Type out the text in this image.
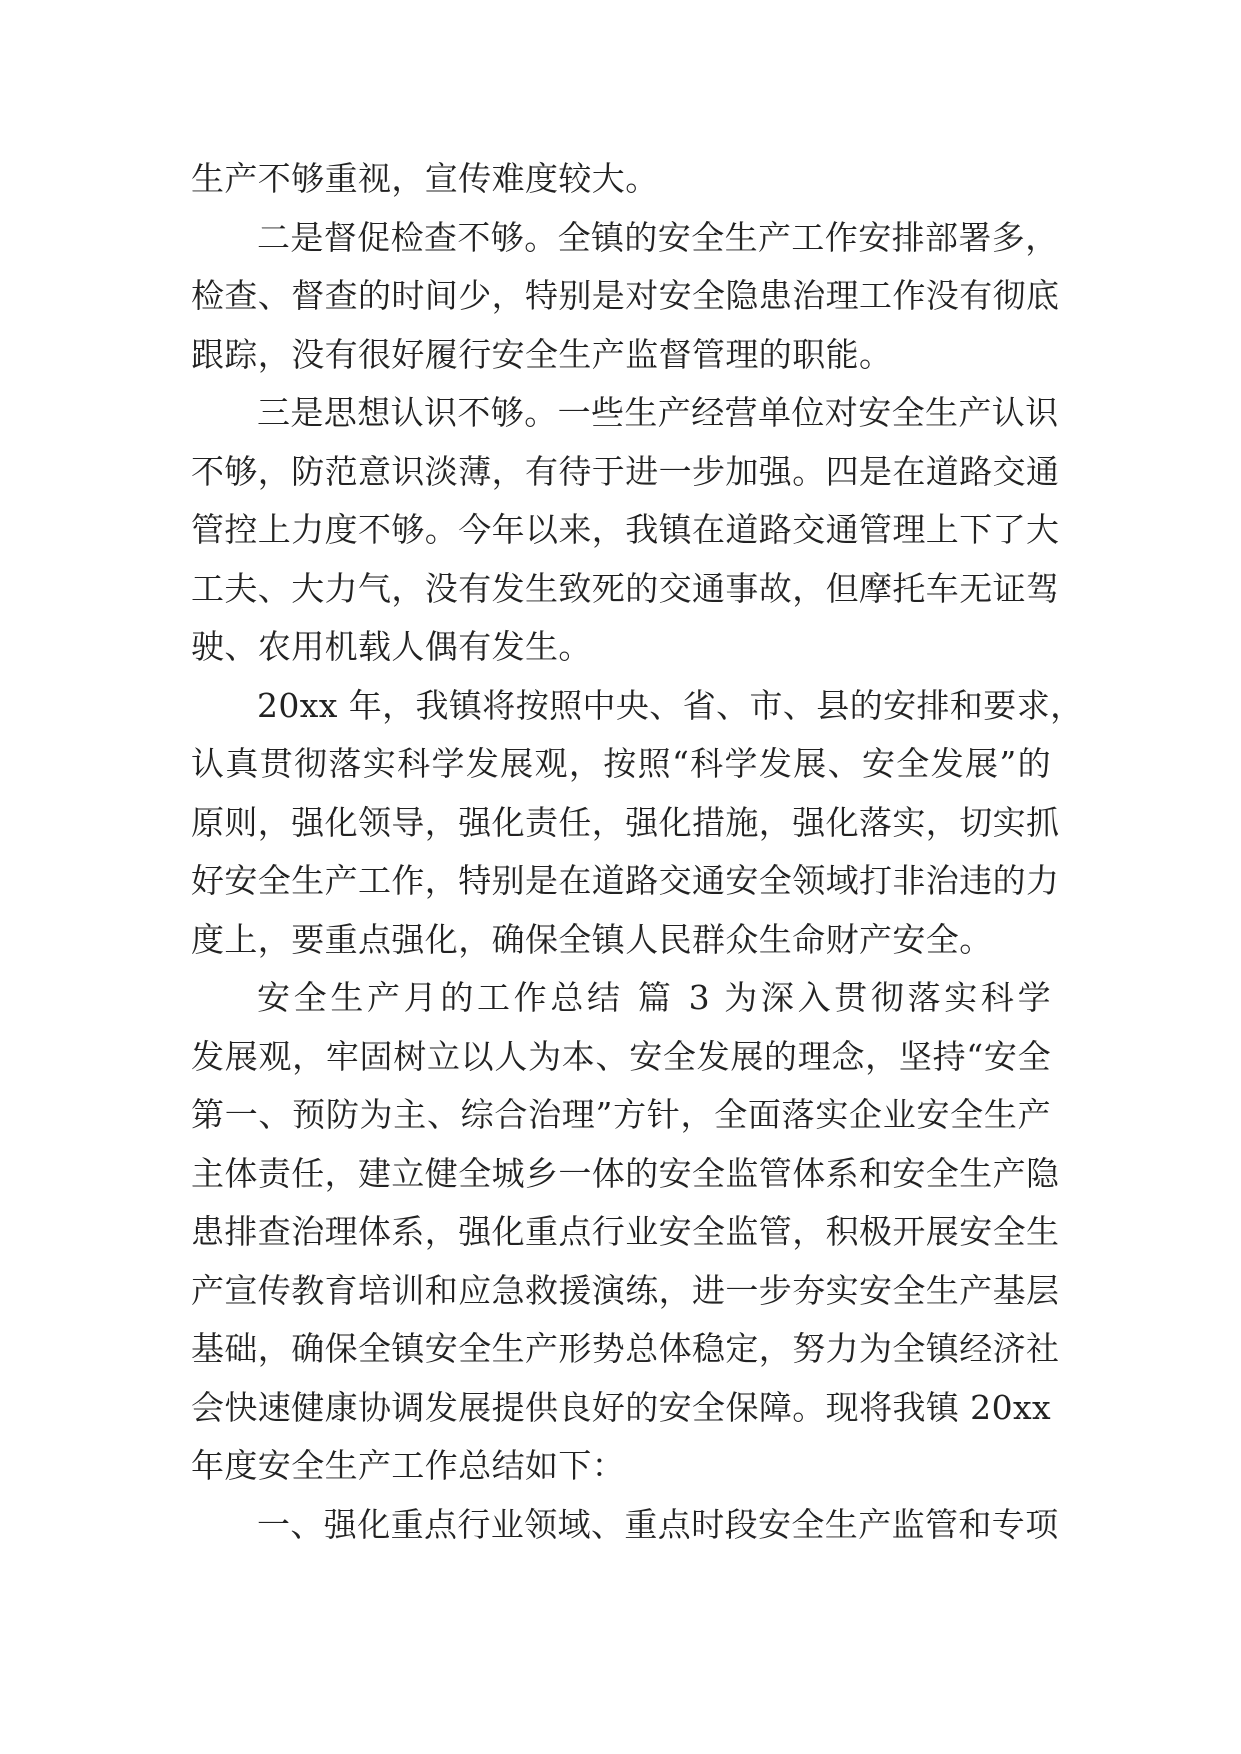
生产不够重视，宣传难度较大。
二是督促检查不够。全镇的安全生产工作安排部署多，
检查、督查的时间少，特别是对安全隐患治理工作没有彻底
跟踪，没有很好履行安全生产监督管理的职能。
三是思想认识不够。一些生产经营单位对安全生产认识
不够，防范意识淡薄，有待于进一步加强。四是在道路交通
管控上力度不够。今年以来，我镇在道路交通管理上下了大
工夫、大力气，没有发生致死的交通事故，但摩托车无证驾
驶、农用机载人偶有发生。
20xx 年，我镇将按照中央、省、市、县的安排和要求，
认真贯彻落实科学发展观，按照“科学发展、安全发展”的
原则，强化领导，强化责任，强化措施，强化落实，切实抓
好安全生产工作，特别是在道路交通安全领域打非治违的力
度上，要重点强化，确保全镇人民群众生命财产安全。
安全生产月的工作总结 篇 3 为深入贯彻落实科学
发展观，牢固树立以人为本、安全发展的理念，坚持“安全
第一、预防为主、综合治理”方针，全面落实企业安全生产
主体责任，建立健全城乡一体的安全监管体系和安全生产隐
患排查治理体系，强化重点行业安全监管，积极开展安全生
产宣传教育培训和应急救援演练，进一步夯实安全生产基层
基础，确保全镇安全生产形势总体稳定，努力为全镇经济社
会快速健康协调发展提供良好的安全保障。现将我镇 20xx
年度安全生产工作总结如下：
一、强化重点行业领域、重点时段安全生产监管和专项
